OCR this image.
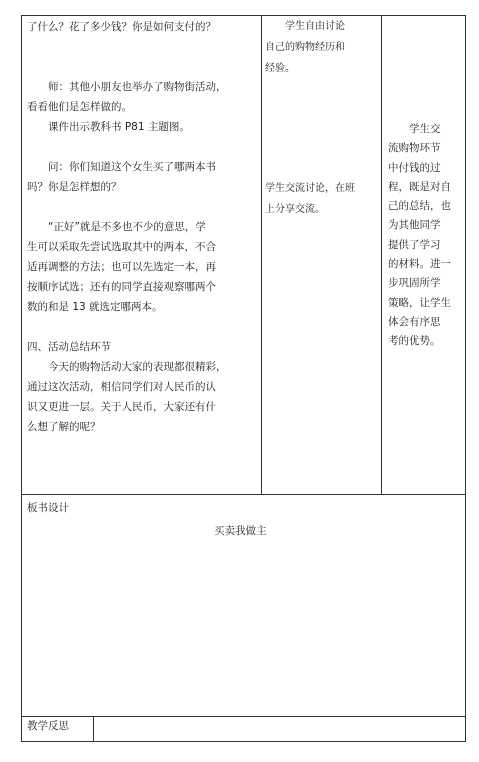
了什么？花了多少钱？你是如何支付的？
　　师：其他小朋友也举办了购物街活动，
看看他们是怎样做的。
　　课件出示教科书 P81 主题图。
　　问：你们知道这个女生买了哪两本书
吗？你是怎样想的？
　　“正好”就是不多也不少的意思，学
生可以采取先尝试选取其中的两本，不合
适再调整的方法；也可以先选定一本，再
按顺序试选；还有的同学直接观察哪两个
数的和是 13 就选定哪两本。
四、活动总结环节
　　今天的购物活动大家的表现都很精彩，
通过这次活动，相信同学们对人民币的认
识又更进一层。关于人民币，大家还有什
么想了解的呢？
　　学生自由讨论
自己的购物经历和
经验。
学生交流讨论，在班
上分享交流。
　　学生交
流购物环节
中付钱的过
程，既是对自
己的总结，也
为其他同学
提供了学习
的材料。进一
步巩固所学
策略，让学生
体会有序思
考的优势。
板书设计
买卖我做主
教学反思
